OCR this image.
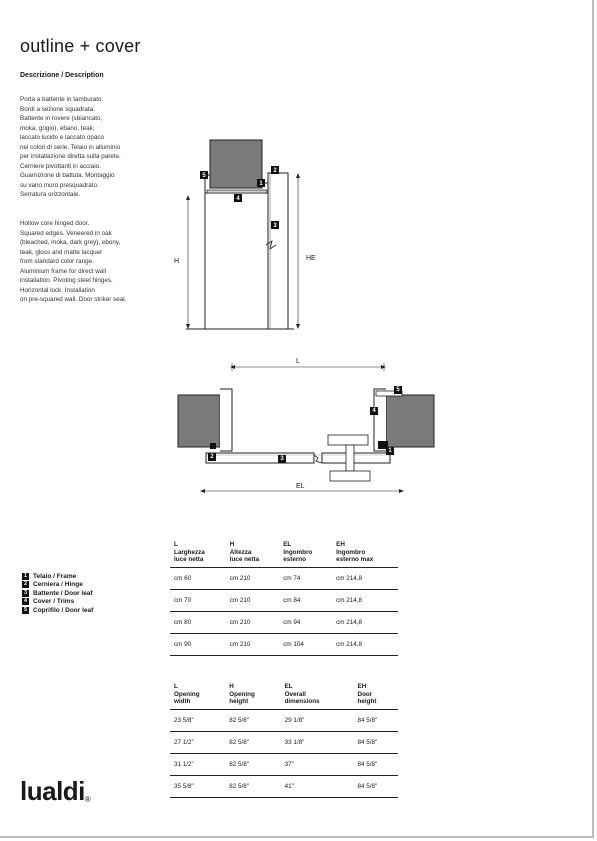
outline + cover
Descrizione / Description
Porta a battente in tamburato.
Bordi a sezione squadrata.
Battente in rovere (sbiancato,
moka, grigio), ebano, teak;
laccato lucido e laccato opaco
nei colori di serie. Telaio in alluminio
per installazione diretta sulla parete.
Cerniere pivottanti in acciaio.
Guarnizione di battuta. Montaggio
su vano muro presquadrato.
Serratura orizzontale.
Hollow core hinged door.
Squared edges. Veneered in oak
(bleached, moka, dark grey), ebony,
teak, gloss and matte lacquer
from standard color range.
Aluminium frame for direct wall
installation. Pivoting steel hinges.
Horizontal lock. Installation
on pre-squared wall. Door striker seal.
5
2
1
4
3
H	HE
L
EL
2	3
4
5
1
1 Telaio / Frame
2 Cerniera / Hinge
3 Battente / Door leaf
4 Cover / Trims
5 Coprifilo / Door leaf
L
Larghezza
luce netta	H
Altezza
luce netta	EL
Ingombro
esterno	EH
Ingombro
esterno max
cm 60	cm 210	cm 74	cm 214,8
cm 70	cm 210	cm 84	cm 214,8
cm 80	cm 210	cm 94	cm 214,8
cm 90	cm 210	cm 104	cm 214,8
L
Opening
width	H
Opening
height	EL
Overall
dimensions	EH
Door
height
23 5/8"	82 5/8"	29 1/8"	84 5/8"
27 1/2"	82 5/8"	33 1/8"	84 5/8"
31 1/2"	82 5/8"	37"	84 5/8"
35 5/8"	82 5/8"	41"	84 5/8"
lualdi®
